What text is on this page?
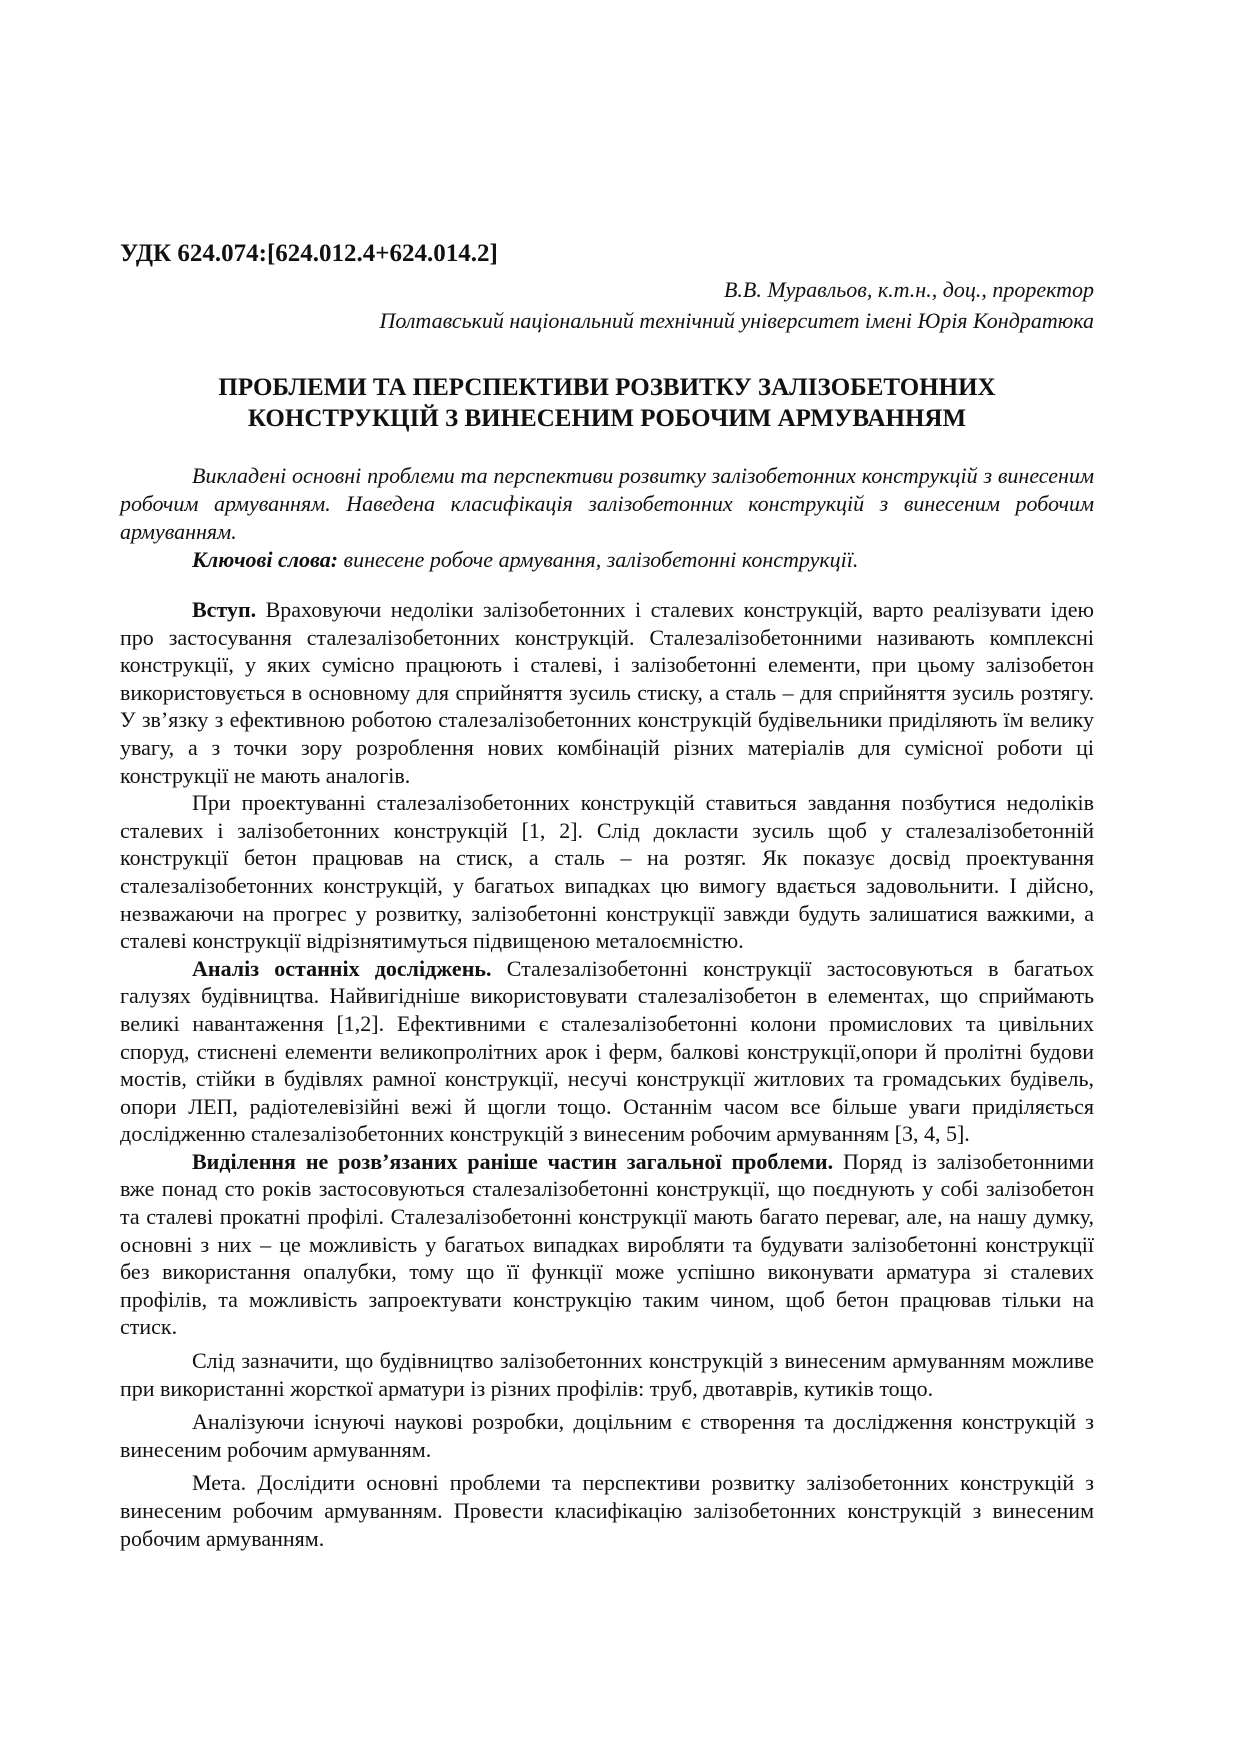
УДК 624.074:[624.012.4+624.014.2]

В.В. Муравльов, к.т.н., доц., проректор

Полтавський національний технічний університет імені Юрія Кондратюка

ПРОБЛЕМИ ТА ПЕРСПЕКТИВИ РОЗВИТКУ ЗАЛІЗОБЕТОННИХ
КОНСТРУКЦІЙ З ВИНЕСЕНИМ РОБОЧИМ АРМУВАННЯМ

Викладені основні проблеми та перспективи розвитку залізобетонних конструкцій з винесеним робочим армуванням. Наведена класифікація залізобетонних конструкцій з винесеним робочим армуванням.

Ключові слова: винесене робоче армування, залізобетонні конструкції.

Вступ. Враховуючи недоліки залізобетонних і сталевих конструкцій, варто реалізувати ідею про застосування сталезалізобетонних конструкцій. Сталезалізобетонними називають комплексні конструкції, у яких сумісно працюють і сталеві, і залізобетонні елементи, при цьому залізобетон використовується в основному для сприйняття зусиль стиску, а сталь – для сприйняття зусиль розтягу. У зв’язку з ефективною роботою сталезалізобетонних конструкцій будівельники приділяють їм велику увагу, а з точки зору розроблення нових комбінацій різних матеріалів для сумісної роботи ці конструкції не мають аналогів.

При проектуванні сталезалізобетонних конструкцій ставиться завдання позбутися недоліків сталевих і залізобетонних конструкцій [1, 2]. Слід докласти зусиль щоб у сталезалізобетонній конструкції бетон працював на стиск, а сталь – на розтяг. Як показує досвід проектування сталезалізобетонних конструкцій, у багатьох випадках цю вимогу вдається задовольнити. І дійсно, незважаючи на прогрес у розвитку, залізобетонні конструкції завжди будуть залишатися важкими, а сталеві конструкції відрізнятимуться підвищеною металоємністю.

Аналіз останніх досліджень. Сталезалізобетонні конструкції застосовуються в багатьох галузях будівництва. Найвигідніше використовувати сталезалізобетон в елементах, що сприймають великі навантаження [1,2]. Ефективними є сталезалізобетонні колони промислових та цивільних споруд, стиснені елементи великопролітних арок і ферм, балкові конструкції,опори й пролітні будови мостів, стійки в будівлях рамної конструкції, несучі конструкції житлових та громадських будівель, опори ЛЕП, радіотелевізійні вежі й щогли тощо. Останнім часом все більше уваги приділяється дослідженню сталезалізобетонних конструкцій з винесеним робочим армуванням [3, 4, 5].

Виділення не розв’язаних раніше частин загальної проблеми. Поряд із залізобетонними вже понад сто років застосовуються сталезалізобетонні конструкції, що поєднують у собі залізобетон та сталеві прокатні профілі. Сталезалізобетонні конструкції мають багато переваг, але, на нашу думку, основні з них – це можливість у багатьох випадках виробляти та будувати залізобетонні конструкції без використання опалубки, тому що її функції може успішно виконувати арматура зі сталевих профілів, та можливість запроектувати конструкцію таким чином, щоб бетон працював тільки на стиск.

Слід зазначити, що будівництво залізобетонних конструкцій з винесеним армуванням можливе при використанні жорсткої арматури із різних профілів: труб, двотаврів, кутиків тощо.

Аналізуючи існуючі наукові розробки, доцільним є створення та дослідження конструкцій з винесеним робочим армуванням.

Мета. Дослідити основні проблеми та перспективи розвитку залізобетонних конструкцій з винесеним робочим армуванням. Провести класифікацію залізобетонних конструкцій з винесеним робочим армуванням.
